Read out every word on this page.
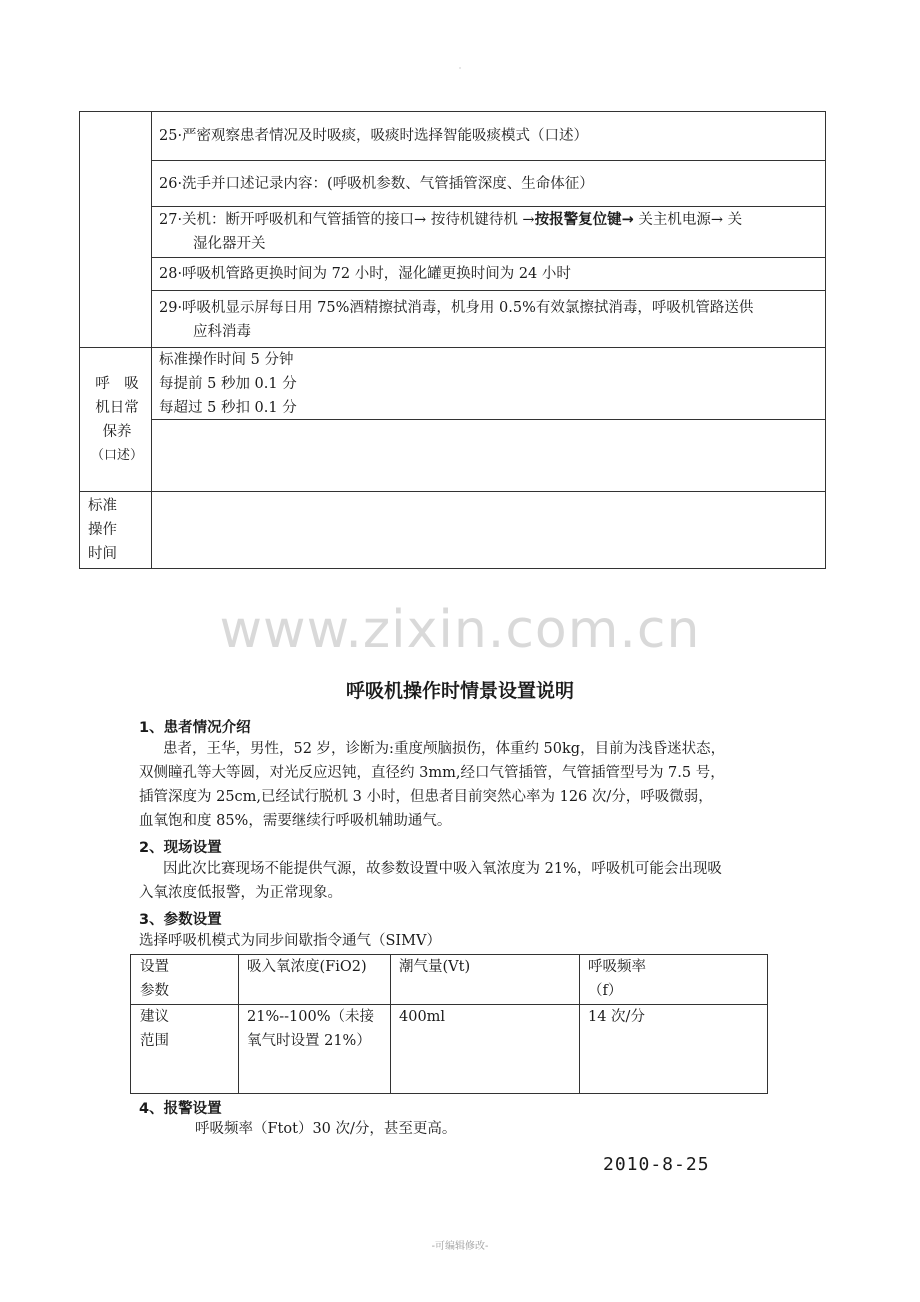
·
25·严密观察患者情况及时吸痰，吸痰时选择智能吸痰模式（口述）
26·洗手并口述记录内容：(呼吸机参数、气管插管深度、生命体征）
27·关机：断开呼吸机和气管插管的接口→ 按待机键待机 →按报警复位键→ 关主机电源→ 关
湿化器开关
28·呼吸机管路更换时间为 72 小时，湿化罐更换时间为 24 小时
29·呼吸机显示屏每日用 75%酒精擦拭消毒，机身用 0.5%有效氯擦拭消毒，呼吸机管路送供
应科消毒
呼　吸
机日常
保养
（口述）
标准操作时间 5 分钟
每提前 5 秒加 0.1 分
每超过 5 秒扣 0.1 分
标准
操作
时间
www.zixin.com.cn
呼吸机操作时情景设置说明
1、患者情况介绍
患者，王华，男性，52 岁，诊断为:重度颅脑损伤，体重约 50kg，目前为浅昏迷状态，
双侧瞳孔等大等圆，对光反应迟钝，直径约 3mm,经口气管插管，气管插管型号为 7.5 号，
插管深度为 25cm,已经试行脱机 3 小时，但患者目前突然心率为 126 次/分，呼吸微弱，
血氧饱和度 85%，需要继续行呼吸机辅助通气。
2、现场设置
因此次比赛现场不能提供气源，故参数设置中吸入氧浓度为 21%，呼吸机可能会出现吸
入氧浓度低报警，为正常现象。
3、参数设置
选择呼吸机模式为同步间歇指令通气（SIMV）
设置
参数
吸入氧浓度(FiO2) 潮气量(Vt)	呼吸频率
（f）
建议
范围
21%--100%（未接
氧气时设置 21%）
400ml	14 次/分
4、报警设置
呼吸频率（Ftot）30 次/分，甚至更高。
2010-8-25
-可编辑修改-
